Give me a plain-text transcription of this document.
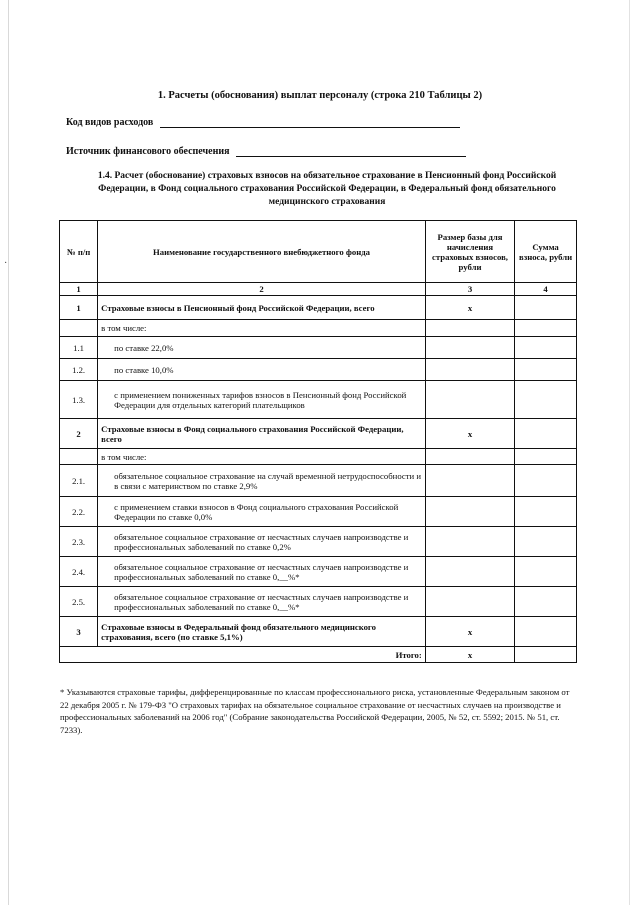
·
1. Расчеты (обоснования) выплат персоналу (строка 210 Таблицы 2)
Код видов расходов
Источник финансового обеспечения
1.4. Расчет (обоснование) страховых взносов на обязательное страхование в Пенсионный фонд Российской Федерации, в Фонд социального страхования Российской Федерации, в Федеральный фонд обязательного медицинского страхования
№ п/п	Наименование государственного внебюджетного фонда	Размер базы для начисления страховых взносов, рубли	Сумма взноса, рубли
1	2	3	4
1	Страховые взносы в Пенсионный фонд Российской Федерации, всего	x	
	в том числе:		
1.1	по ставке 22,0%		
1.2.	по ставке 10,0%		
1.3.	с применением пониженных тарифов взносов в Пенсионный фонд Российской Федерации для отдельных категорий плательщиков		
2	Страховые взносы в Фонд социального страхования Российской Федерации, всего	x	
	в том числе:		
2.1.	обязательное социальное страхование на случай временной нетрудоспособности и в связи с материнством по ставке 2,9%		
2.2.	с применением ставки взносов в Фонд социального страхования Российской Федерации по ставке 0,0%		
2.3.	обязательное социальное страхование от несчастных случаев напроизводстве и профессиональных заболеваний по ставке 0,2%		
2.4.	обязательное социальное страхование от несчастных случаев напроизводстве и профессиональных заболеваний по ставке 0,__%*		
2.5.	обязательное социальное страхование от несчастных случаев напроизводстве и профессиональных заболеваний по ставке 0,__%*		
3	Страховые взносы в Федеральный фонд обязательного медицинского страхования, всего (по ставке 5,1%)	x	
Итого:		x	
* Указываются страховые тарифы, дифференцированные по классам профессионального риска, установленные Федеральным законом от 22 декабря 2005 г. № 179-ФЗ "О страховых тарифах на обязательное социальное страхование от несчастных случаев на производстве и профессиональных заболеваний на 2006 год" (Собрание законодательства Российской Федерации, 2005, № 52, ст. 5592; 2015. № 51, ст. 7233).
